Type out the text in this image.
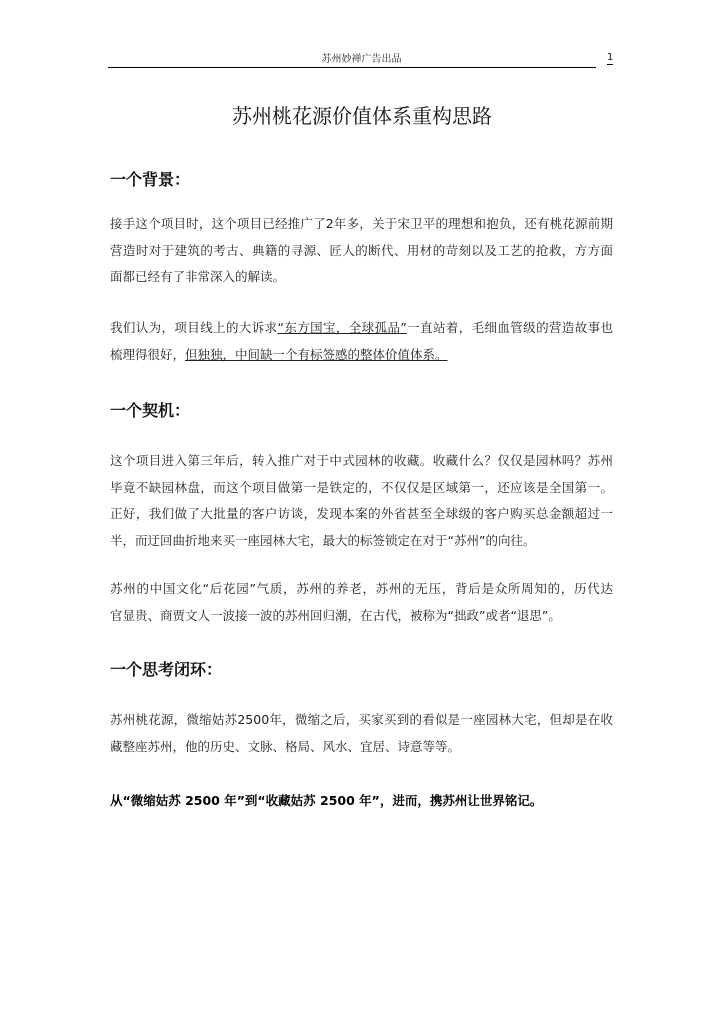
苏州妙禅广告出品	1
苏州桃花源价值体系重构思路
一个背景：
接手这个项目时，这个项目已经推广了2年多，关于宋卫平的理想和抱负，还有桃花源前期
营造时对于建筑的考古、典籍的寻源、匠人的断代、用材的苛刻以及工艺的抢救，方方面
面都已经有了非常深入的解读。
我们认为，项目线上的大诉求“东方国宝，全球孤品”一直站着，毛细血管级的营造故事也
梳理得很好，但独独，中间缺一个有标签感的整体价值体系。
一个契机：
这个项目进入第三年后，转入推广对于中式园林的收藏。收藏什么？仅仅是园林吗？苏州
毕竟不缺园林盘，而这个项目做第一是铁定的，不仅仅是区域第一，还应该是全国第一。
正好，我们做了大批量的客户访谈，发现本案的外省甚至全球级的客户购买总金额超过一
半，而迂回曲折地来买一座园林大宅，最大的标签锁定在对于“苏州”的向往。
苏州的中国文化“后花园”气质，苏州的养老，苏州的无压，背后是众所周知的，历代达
官显贵、商贾文人一波接一波的苏州回归潮，在古代，被称为“拙政”或者“退思”。
一个思考闭环：
苏州桃花源，微缩姑苏2500年，微缩之后，买家买到的看似是一座园林大宅，但却是在收
藏整座苏州，他的历史、文脉、格局、风水、宜居、诗意等等。
从“微缩姑苏 2500 年”到“收藏姑苏 2500 年”，进而，携苏州让世界铭记。
